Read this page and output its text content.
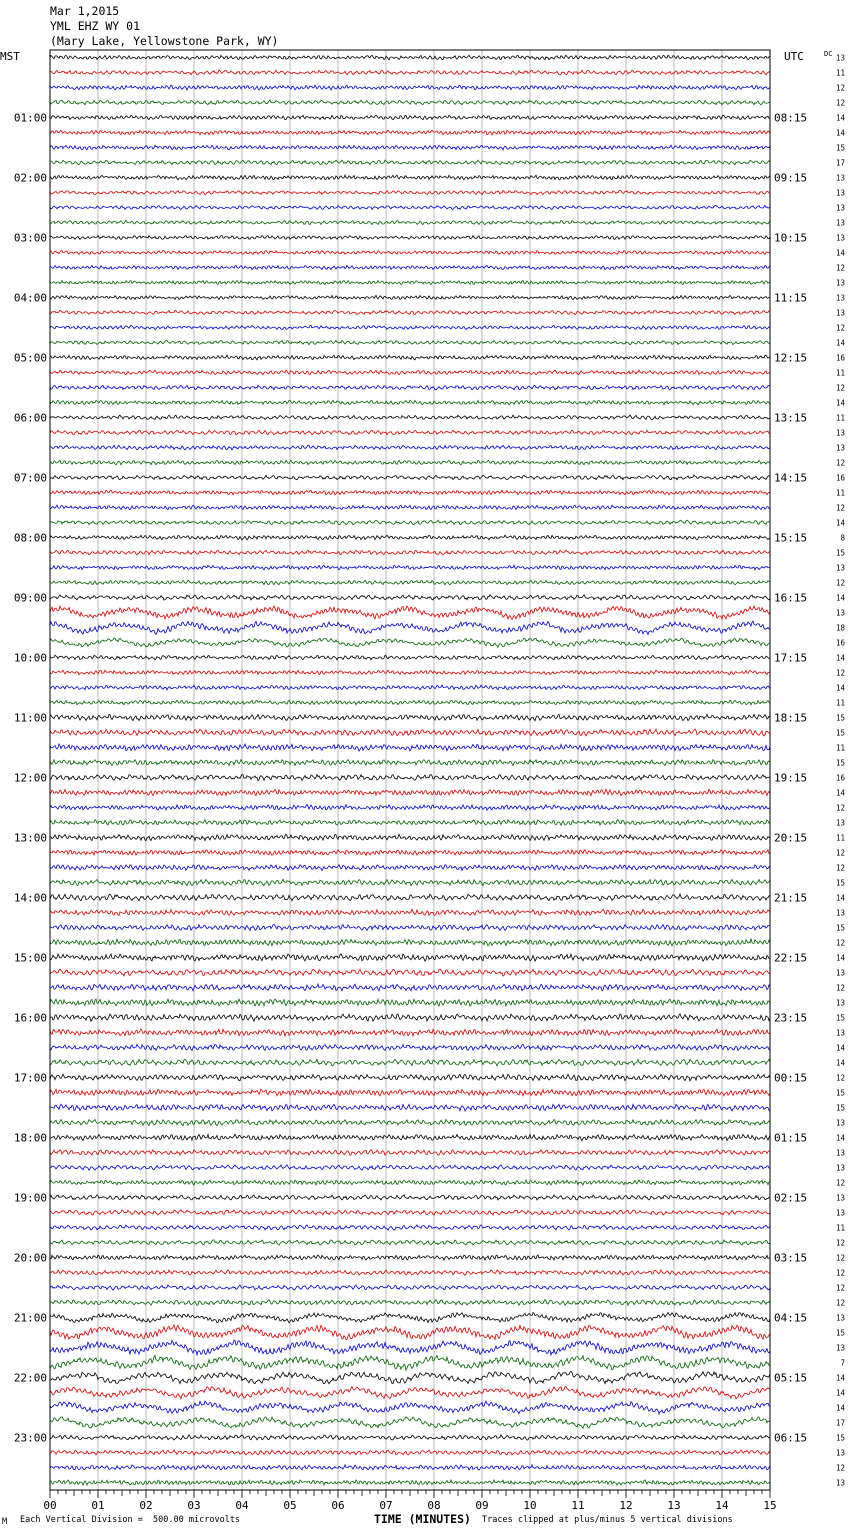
Mar 1,2015
YML EHZ WY 01
(Mary Lake, Yellowstone Park, WY)
00	01	02	03	04	05	06	07	08	09	10	11	12	13	14	15
01:00
02:00
03:00
04:00
05:00
06:00
07:00
08:00
09:00
10:00
11:00
12:00
13:00
14:00
15:00
16:00
17:00
18:00
19:00
20:00
21:00
22:00
23:00
08:15
09:15
10:15
11:15
12:15
13:15
14:15
15:15
16:15
17:15
18:15
19:15
20:15
21:15
22:15
23:15
00:15
01:15
02:15
03:15
04:15
05:15
06:15
13
11
12
12
14
14
15
17
13
13
13
13
13
14
12
13
13
13
12
14
16
11
12
14
11
13
13
12
16
11
12
14
8
15
13
12
14
13
18
16
14
12
14
11
15
15
11
15
16
14
12
13
11
12
12
15
14
13
15
12
14
13
12
13
15
13
14
14
12
15
15
13
14
13
13
12
13
13
11
12
12
12
12
12
13
15
13
7
14
14
14
17
15
13
12
13
MST	UTC	DC
TIME (MINUTES)
M Each Vertical Division =  500.00 microvolts	Traces clipped at plus/minus 5 vertical divisions
